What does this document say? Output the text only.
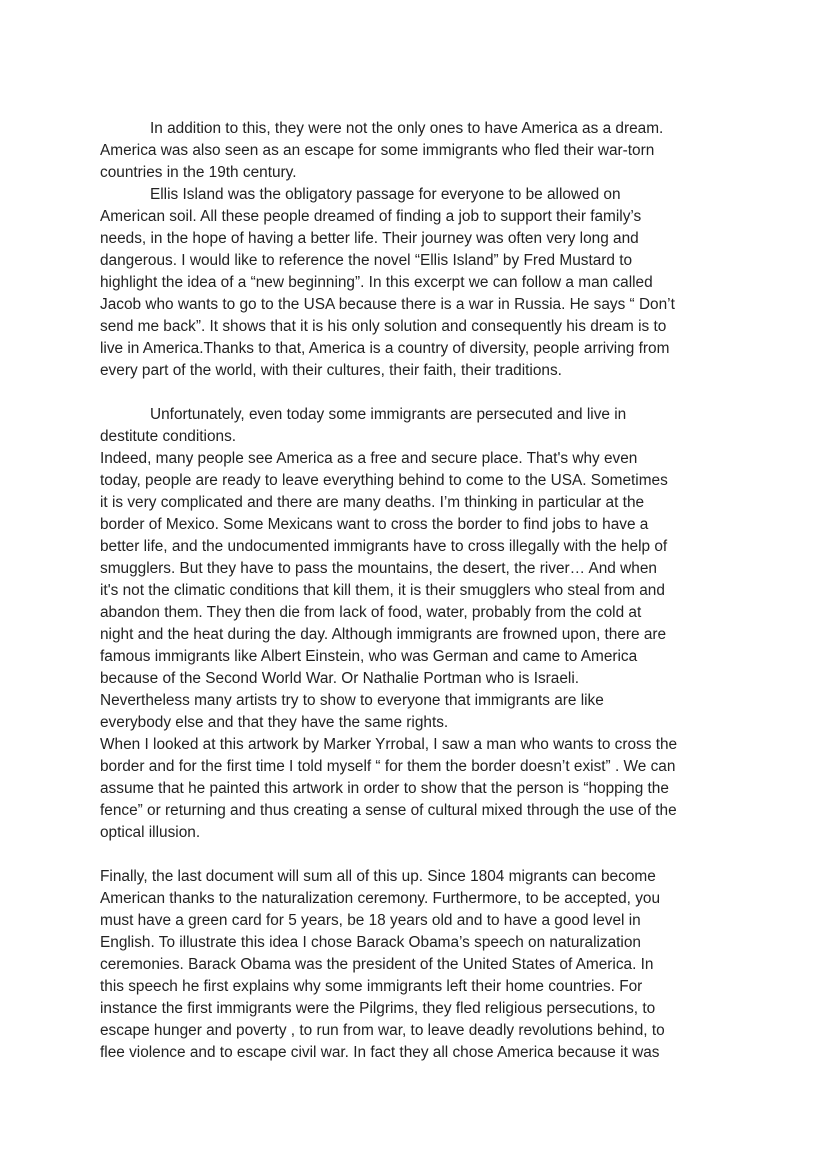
In addition to this, they were not the only ones to have America as a dream.
America was also seen as an escape for some immigrants who fled their war-torn
countries in the 19th century.

Ellis Island was the obligatory passage for everyone to be allowed on
American soil. All these people dreamed of finding a job to support their family’s
needs, in the hope of having a better life. Their journey was often very long and
dangerous. I would like to reference the novel “Ellis Island” by Fred Mustard to
highlight the idea of a “new beginning”. In this excerpt we can follow a man called
Jacob who wants to go to the USA because there is a war in Russia. He says “ Don’t
send me back”. It shows that it is his only solution and consequently his dream is to
live in America.Thanks to that, America is a country of diversity, people arriving from
every part of the world, with their cultures, their faith, their traditions.

Unfortunately, even today some immigrants are persecuted and live in
destitute conditions.

Indeed, many people see America as a free and secure place. That's why even
today, people are ready to leave everything behind to come to the USA. Sometimes
it is very complicated and there are many deaths. I’m thinking in particular at the
border of Mexico. Some Mexicans want to cross the border to find jobs to have a
better life, and the undocumented immigrants have to cross illegally with the help of
smugglers. But they have to pass the mountains, the desert, the river… And when
it's not the climatic conditions that kill them, it is their smugglers who steal from and
abandon them. They then die from lack of food, water, probably from the cold at
night and the heat during the day. Although immigrants are frowned upon, there are
famous immigrants like Albert Einstein, who was German and came to America
because of the Second World War. Or Nathalie Portman who is Israeli.
Nevertheless many artists try to show to everyone that immigrants are like
everybody else and that they have the same rights.

When I looked at this artwork by Marker Yrrobal, I saw a man who wants to cross the
border and for the first time I told myself “ for them the border doesn’t exist” . We can
assume that he painted this artwork in order to show that the person is “hopping the
fence” or returning and thus creating a sense of cultural mixed through the use of the
optical illusion.

Finally, the last document will sum all of this up. Since 1804 migrants can become
American thanks to the naturalization ceremony. Furthermore, to be accepted, you
must have a green card for 5 years, be 18 years old and to have a good level in
English. To illustrate this idea I chose Barack Obama’s speech on naturalization
ceremonies. Barack Obama was the president of the United States of America. In
this speech he first explains why some immigrants left their home countries. For
instance the first immigrants were the Pilgrims, they fled religious persecutions, to
escape hunger and poverty , to run from war, to leave deadly revolutions behind, to
flee violence and to escape civil war. In fact they all chose America because it was
